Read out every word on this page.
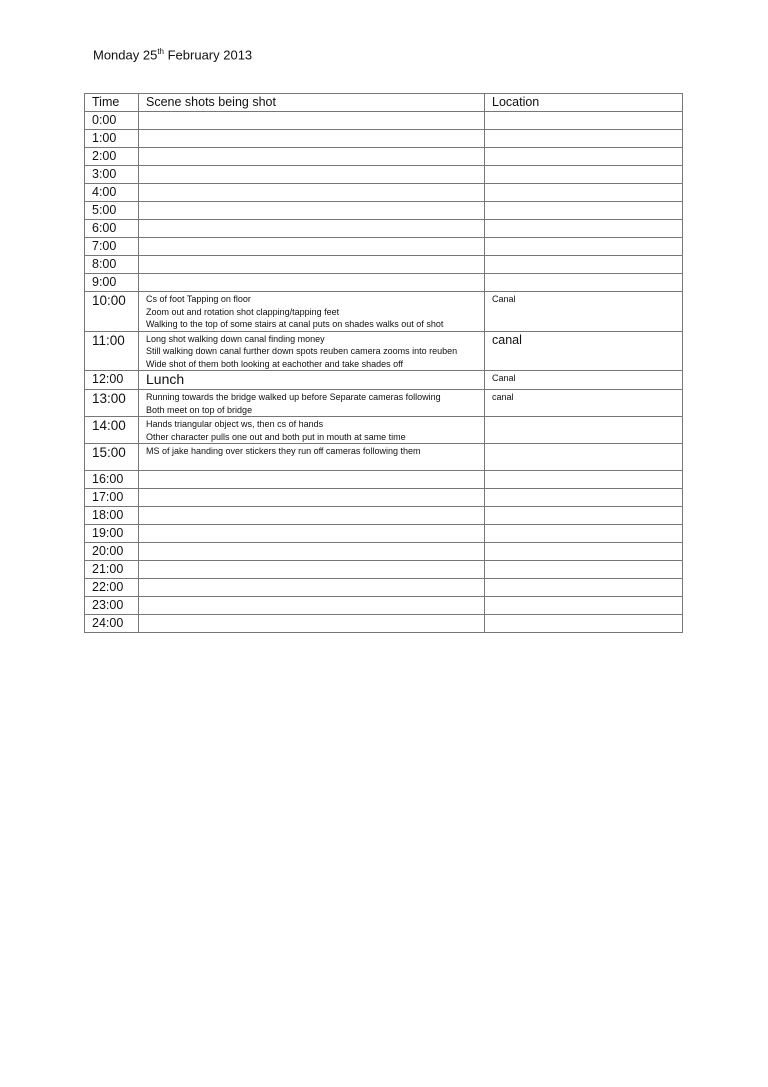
Monday 25th February 2013
Time	Scene shots being shot	Location
0:00		
1:00		
2:00		
3:00		
4:00		
5:00		
6:00		
7:00		
8:00		
9:00		
10:00	Cs of foot Tapping on floor
Zoom out and rotation shot clapping/tapping feet
Walking to the top of some stairs at canal puts on shades walks out of shot	Canal
11:00	Long shot walking down canal finding money
Still walking down canal further down spots reuben camera zooms into reuben
Wide shot of them both looking at eachother and take shades off	canal
12:00	Lunch	Canal
13:00	Running towards the bridge walked up before Separate cameras following
Both meet on top of bridge	canal
14:00	Hands triangular object ws, then cs of hands
Other character pulls one out and both put in mouth at same time	

15:00	MS of jake handing over stickers they run off cameras following them	

16:00		
17:00		
18:00		
19:00		
20:00		
21:00		
22:00		
23:00		
24:00		
